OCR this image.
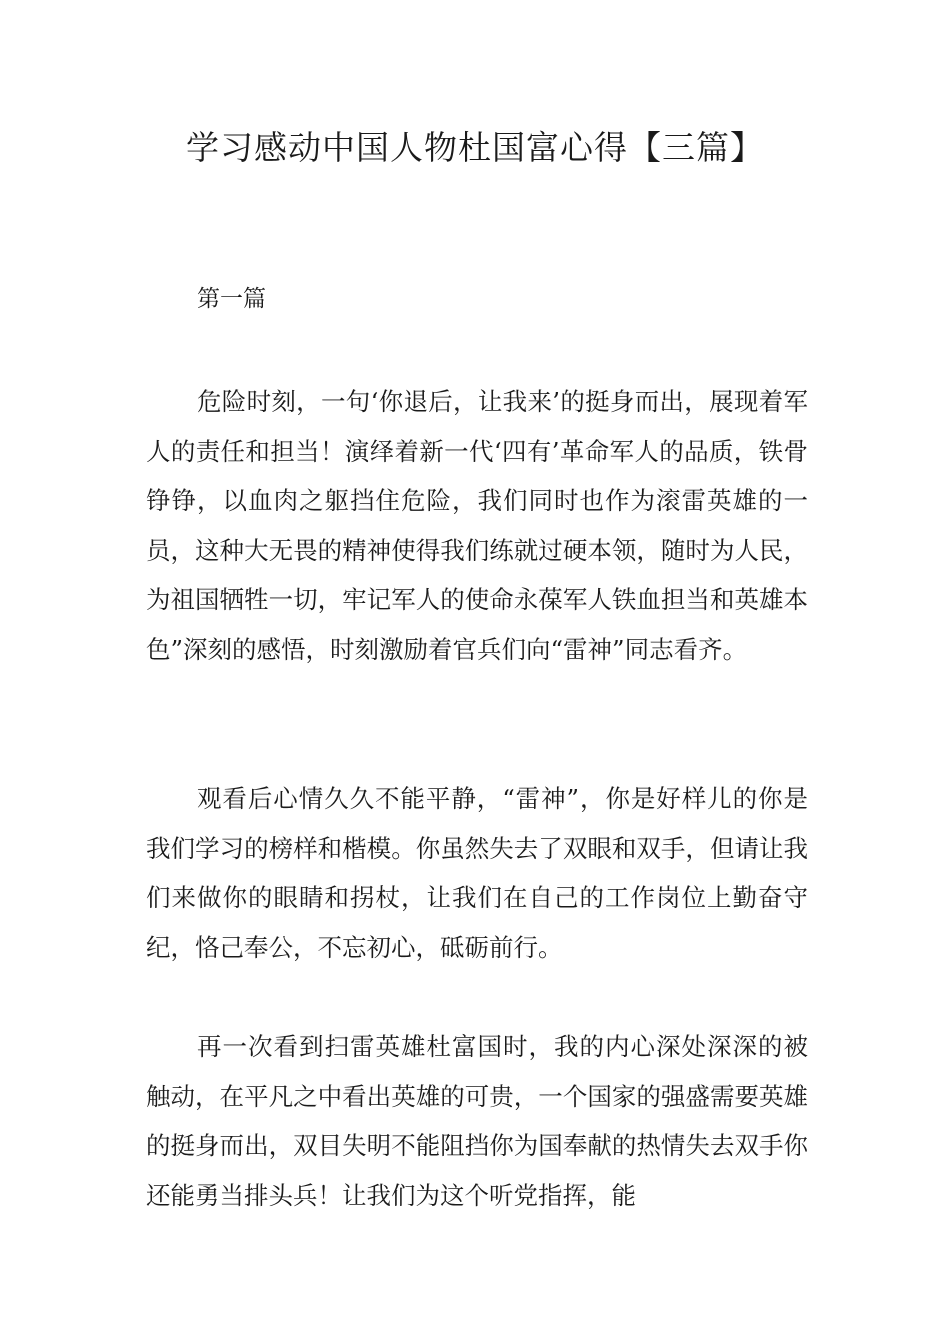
学习感动中国人物杜国富心得【三篇】

第一篇

危险时刻，一句‘你退后，让我来’的挺身而出，展现着军人的责任和担当！演绎着新一代‘四有’革命军人的品质，铁骨铮铮，以血肉之躯挡住危险，我们同时也作为滚雷英雄的一员，这种大无畏的精神使得我们练就过硬本领，随时为人民，为祖国牺牲一切，牢记军人的使命永葆军人铁血担当和英雄本色”深刻的感悟，时刻激励着官兵们向“雷神”同志看齐。

观看后心情久久不能平静，“雷神”，你是好样儿的你是我们学习的榜样和楷模。你虽然失去了双眼和双手，但请让我们来做你的眼睛和拐杖，让我们在自己的工作岗位上勤奋守纪，恪己奉公，不忘初心，砥砺前行。

再一次看到扫雷英雄杜富国时，我的内心深处深深的被触动，在平凡之中看出英雄的可贵，一个国家的强盛需要英雄的挺身而出，双目失明不能阻挡你为国奉献的热情失去双手你还能勇当排头兵！让我们为这个听党指挥，能
